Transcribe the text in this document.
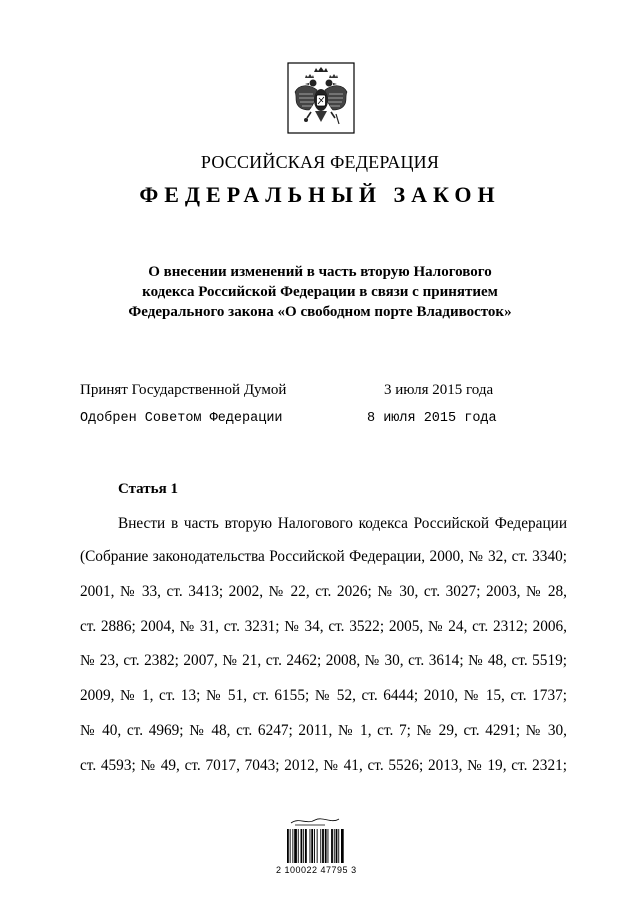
РОССИЙСКАЯ ФЕДЕРАЦИЯ
ФЕДЕРАЛЬНЫЙ ЗАКОН
О внесении изменений в часть вторую Налогового
кодекса Российской Федерации в связи с принятием
Федерального закона «О свободном порте Владивосток»
Принят Государственной Думой	3 июля 2015 года
Одобрен Советом Федерации	8 июля 2015 года
Статья 1
Внести в часть вторую Налогового кодекса Российской Федерации
(Собрание законодательства Российской Федерации, 2000, № 32, ст. 3340;
2001, № 33, ст. 3413; 2002, № 22, ст. 2026; № 30, ст. 3027; 2003, № 28,
ст. 2886; 2004, № 31, ст. 3231; № 34, ст. 3522; 2005, № 24, ст. 2312; 2006,
№ 23, ст. 2382; 2007, № 21, ст. 2462; 2008, № 30, ст. 3614; № 48, ст. 5519;
2009, № 1, ст. 13; № 51, ст. 6155; № 52, ст. 6444; 2010, № 15, ст. 1737;
№ 40, ст. 4969; № 48, ст. 6247; 2011, № 1, ст. 7; № 29, ст. 4291; № 30,
ст. 4593; № 49, ст. 7017, 7043; 2012, № 41, ст. 5526; 2013, № 19, ст. 2321;
2 100022 47795 3
